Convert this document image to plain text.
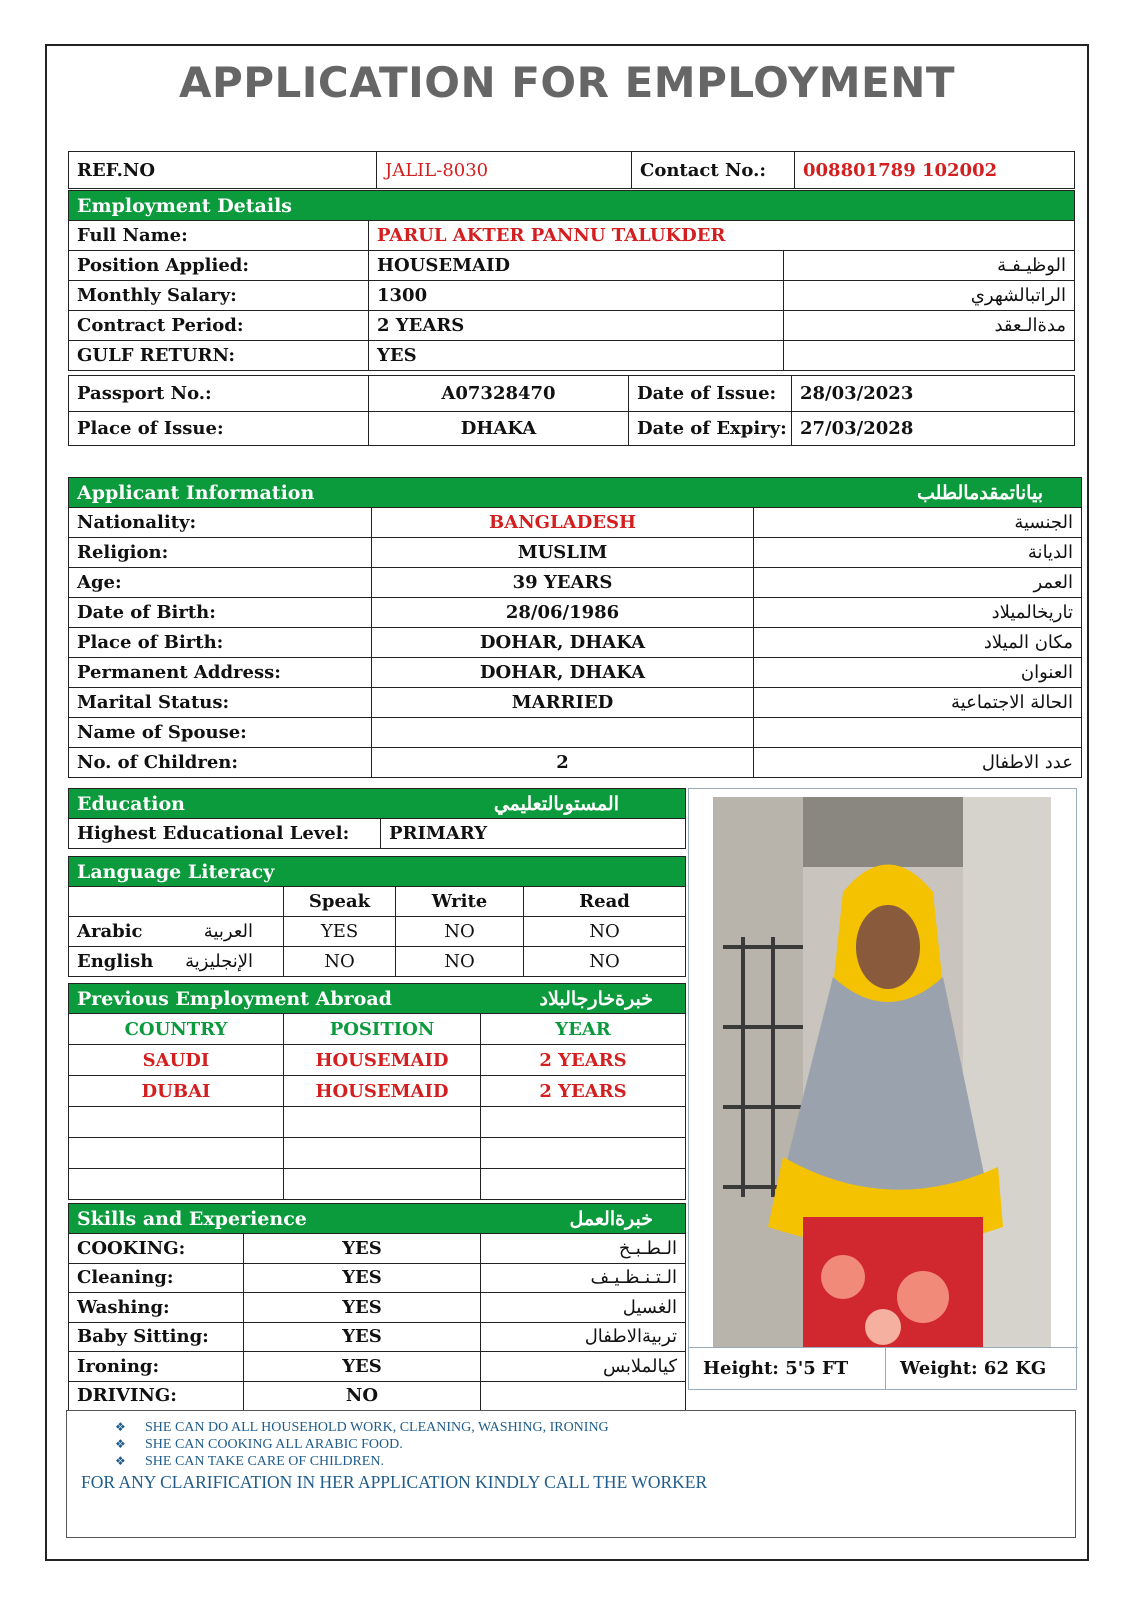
APPLICATION FOR EMPLOYMENT
REF.NO	JALIL-8030	Contact No.:	008801789 102002
Employment Details		
Full Name:	PARUL AKTER PANNU TALUKDER	
Position Applied:	HOUSEMAID	الوظيـفـة
Monthly Salary:	1300	الراتبالشهري
Contract Period:	2 YEARS	مدةالـعقد
GULF RETURN:	YES	
Passport No.:	A07328470	Date of Issue:	28/03/2023
Place of Issue:	DHAKA	Date of Expiry:	27/03/2028
Applicant Information بياناتمقدمالطلب		

Nationality:	BANGLADESH	الجنسية
Religion:	MUSLIM	الديانة
Age:	39 YEARS	العمر
Date of Birth:	28/06/1986	تاريخالميلاد
Place of Birth:	DOHAR, DHAKA	مكان الميلاد
Permanent Address:	DOHAR, DHAKA	العنوان
Marital Status:	MARRIED	الحالة الاجتماعية
Name of Spouse:		
No. of Children:	2	عدد الاطفال
Education	المستوىالتعليمي

Highest Educational Level:	PRIMARY
Language Literacy			
	Speak	Write	Read
Arabic العربية	YES	NO	NO
English الإنجليزية	NO	NO	NO
Previous Employment Abroad خبرةخارجالبلاد		

COUNTRY	POSITION	YEAR
SAUDI	HOUSEMAID	2 YEARS
DUBAI	HOUSEMAID	2 YEARS

Skills and Experience خبرةالعمل		

COOKING:	YES	الـطـبـخ
Cleaning:	YES	الـتـنـظـيـف
Washing:	YES	الغسيل
Baby Sitting:	YES	تربيةالاطفال
Ironing:	YES	كيالملابس
DRIVING:	NO	
Height: 5'5 FT	Weight: 62 KG
❖ SHE CAN DO ALL HOUSEHOLD WORK, CLEANING, WASHING, IRONING
❖ SHE CAN COOKING ALL ARABIC FOOD.
❖ SHE CAN TAKE CARE OF CHILDREN.
FOR ANY CLARIFICATION IN HER APPLICATION KINDLY CALL THE WORKER
